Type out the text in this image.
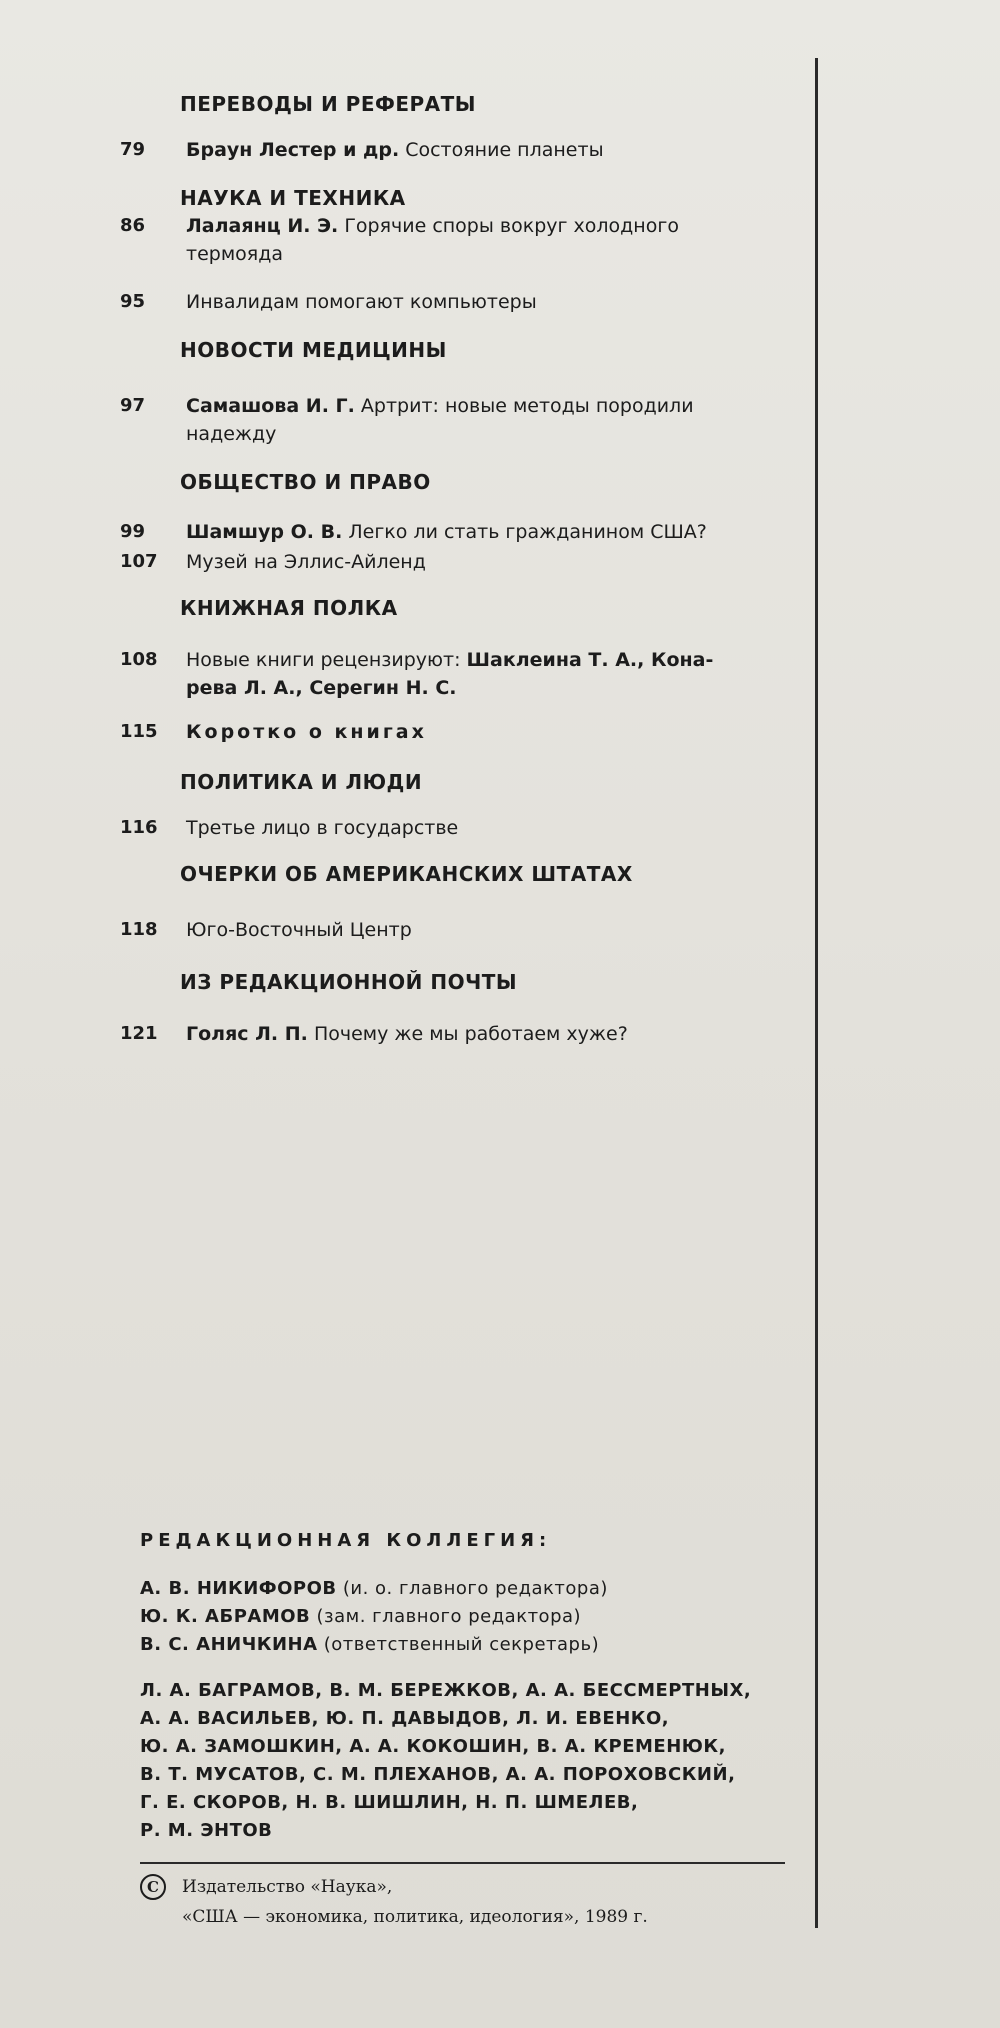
ПЕРЕВОДЫ И РЕФЕРАТЫ
79	Браун Лестер и др. Состояние планеты
НАУКА И ТЕХНИКА
86	Лалаянц И. Э. Горячие споры вокруг холодного
термояда
95	Инвалидам помогают компьютеры
НОВОСТИ МЕДИЦИНЫ
97	Самашова И. Г. Артрит: новые методы породили
надежду
ОБЩЕСТВО И ПРАВО
99	Шамшур О. В. Легко ли стать гражданином США?
107	Музей на Эллис-Айленд
КНИЖНАЯ ПОЛКА
108	Новые книги рецензируют: Шаклеина Т. А., Кона-
рева Л. А., Серегин Н. С.
115	Коротко о книгах
ПОЛИТИКА И ЛЮДИ
116	Третье лицо в государстве
ОЧЕРКИ ОБ АМЕРИКАНСКИХ ШТАТАХ
118	Юго-Восточный Центр
ИЗ РЕДАКЦИОННОЙ ПОЧТЫ
121	Голяс Л. П. Почему же мы работаем хуже?
РЕДАКЦИОННАЯ КОЛЛЕГИЯ:
А. В. НИКИФОРОВ (и. о. главного редактора)
Ю. К. АБРАМОВ (зам. главного редактора)
В. С. АНИЧКИНА (ответственный секретарь)
Л. А. БАГРАМОВ, В. М. БЕРЕЖКОВ, А. А. БЕССМЕРТНЫХ,
А. А. ВАСИЛЬЕВ, Ю. П. ДАВЫДОВ, Л. И. ЕВЕНКО,
Ю. А. ЗАМОШКИН, А. А. КОКОШИН, В. А. КРЕМЕНЮК,
В. Т. МУСАТОВ, С. М. ПЛЕХАНОВ, А. А. ПОРОХОВСКИЙ,
Г. Е. СКОРОВ, Н. В. ШИШЛИН, Н. П. ШМЕЛЕВ,
Р. М. ЭНТОВ
C	Издательство «Наука»,
«США — экономика, политика, идеология», 1989 г.
